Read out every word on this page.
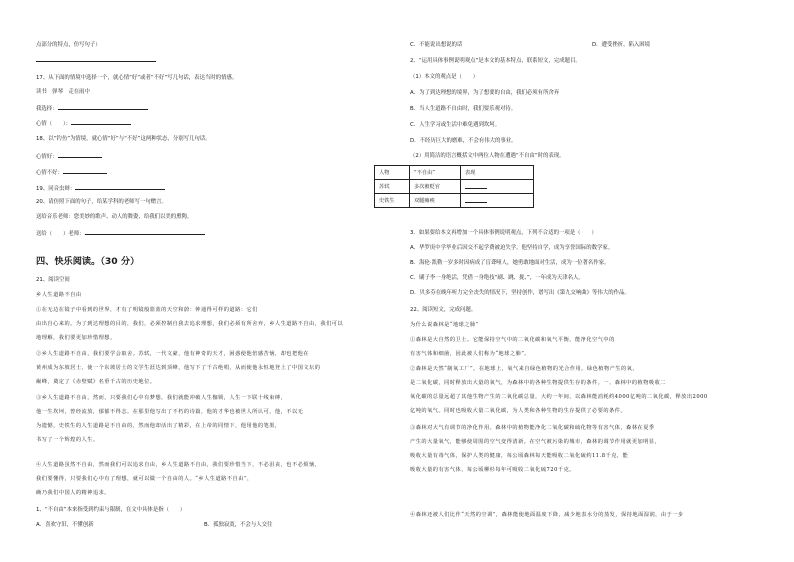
点部分的特点，仿写句子）
17、从下面的情境中选择一个，就心情“好”或者“不好”写几句话，表达当时的情感。
读书　弹琴　走在雨中
我选择：
心情（　　）：
18、以“钓鱼”为情境，就心情“好”与“不好”这两种状态，分别写几句话。
心情好：
心情不好：
19、同音虫辩：
20、请仿照下面的句子，给某学科的老师写一句赠言。
送给音乐老师：您美妙的歌声、动人的舞姿，给我们以美的熏陶。
送给（　　）老师：
四、快乐阅读。（30 分）
21、阅读空间
乡人生道路不自由
①在无边在镜子中看到的世界，才有了明镜般篮蓝的天空和蔚：钟通得可样的道路：它们
由出自心来的。为了到达理想的目的，我们，必须控制自我去追求理想，我们必须有所舍弃，乡人生道路不自由，我们可以
地理解，我们要更加珍惜理想。
②乡人生道路不自由，我们要学会取舍。苏轼，一代文豪，他有神奇的天才，困惑使他倍感苦恼，却也把他在
黄州成为东坡居士，使一个东坡居士的文学生涯达到顶峰，他写下了千古绝唱，从而使他永恒地登上了中国文坛的
巅峰，奠定了《赤壁赋》名垂千古的历史地位。
③乡人生道路不自由，然而，只要我们心中有梦想，我们就能冲破人生枷锁，人生一下联十线束缚，
他一生坎坷，曾经流放，郁郁不得志。在那里他写出了不朽的诗篇，他的才华也被世人所认可，他，不以无
为遗憾，史铁生的人生道路是不自由的，然而他却活出了精彩，在上帝的同情下，他用他的笔墨，
书写了一个辉煌的人生。
④人生道路虽然不自由，然而我们可以追求自由，乡人生道路不自由，我们要珍惜当下，不必沮丧，也不必烦恼，
我们要懂得，只要我们心中有了理想，就可以做一个自由的人。“乡人生道路不自由”，
确乃我们中国人的精神追求。
1、“不自由”本来指受到约束与限制，在文中具体是指（　　）
A．喜欢守旧，不懂创新	B．孤独寂寞，不会与人交往
C．不能说出想说的话	D．遭受挫折，陷入困境
2、“运用具体事例说明观点”是本文的基本特点，联系短文，完成题目。
（1）本文的观点是（　　）
A．为了到达理想的境界，为了想要的自由，我们必须有所舍弃
B．当人生道路不自由时，我们要乐观对待。
C．人生学习或生活中难免遇到坎坷。
D．不经历巨大的磨难，不会有伟大的事业。
（2）用简洁的语言概括文中两位人物在遭遇“不自由”时的表现。
人物	“不自由”	表现
苏轼	多次被贬官	
史铁生	双腿瘫痪	
3．如果要给本文再增加一个具体事例说明观点，下列不合适的一项是（　　）
A．华罗庚中学毕业后因交不起学费被迫失学，他坚持自学，成为享誉国际的数学家。
B．海伦·凯勒一岁多时因病成了盲聋哑人，她勇敢地面对生活，成为一位著名作家。
C．刷子李一身绝活，凭借一身绝技“刷、跳、拢、”，一年成为天津名人。
D．贝多芬在晚年听力完全丧失的情况下，坚持创作，谱写出《第九交响曲》等伟大的作品。
22、阅读短文，完成问题。
为什么说森林是“地球之肺”
①森林是大自然的卫士。它能保持空气中的二氧化碳和氧气平衡，能净化空气中的
有害气体和细菌，因此被人们称为“地球之肺”。
②森林是天然“制氧工厂”。在地球上，氧气来自绿色植物的光合作用。绿色植物产生的氧，
是二氧化碳，同时释放出大量的氧气，为森林中的各种生物提供生存的条件。一、森林中的植物吸收二
氧化碳的总量远超了其他生物产生的二氧化碳总量，大约一年间，以森林能消耗约4000亿吨的二氧化碳，释放出2000
亿吨的氧气。同时也吸收大量二氧化碳，为人类和各种生物的生存提供了必要的条件。
③森林对大气有调节的净化作用。森林中的植物能净化二氧化碳和硫化物等有害气体，森林在夏季
产生的大量氧气，能够使周围的空气变得清新。在空气被污染的城市，森林的调节作用就更加明显，
吸收大量有毒气体，保护人类的健康，每公顷森林每天能吸收二氧化硫约11.8千克，能
吸收大量的有害气体，每公顷柳杉每年可吸收二氧化硫720千克。
④森林还被人们比作“天然的空调”，森林能使地面温度下降，减少地表水分的蒸发，保持地面湿润，由于一步
